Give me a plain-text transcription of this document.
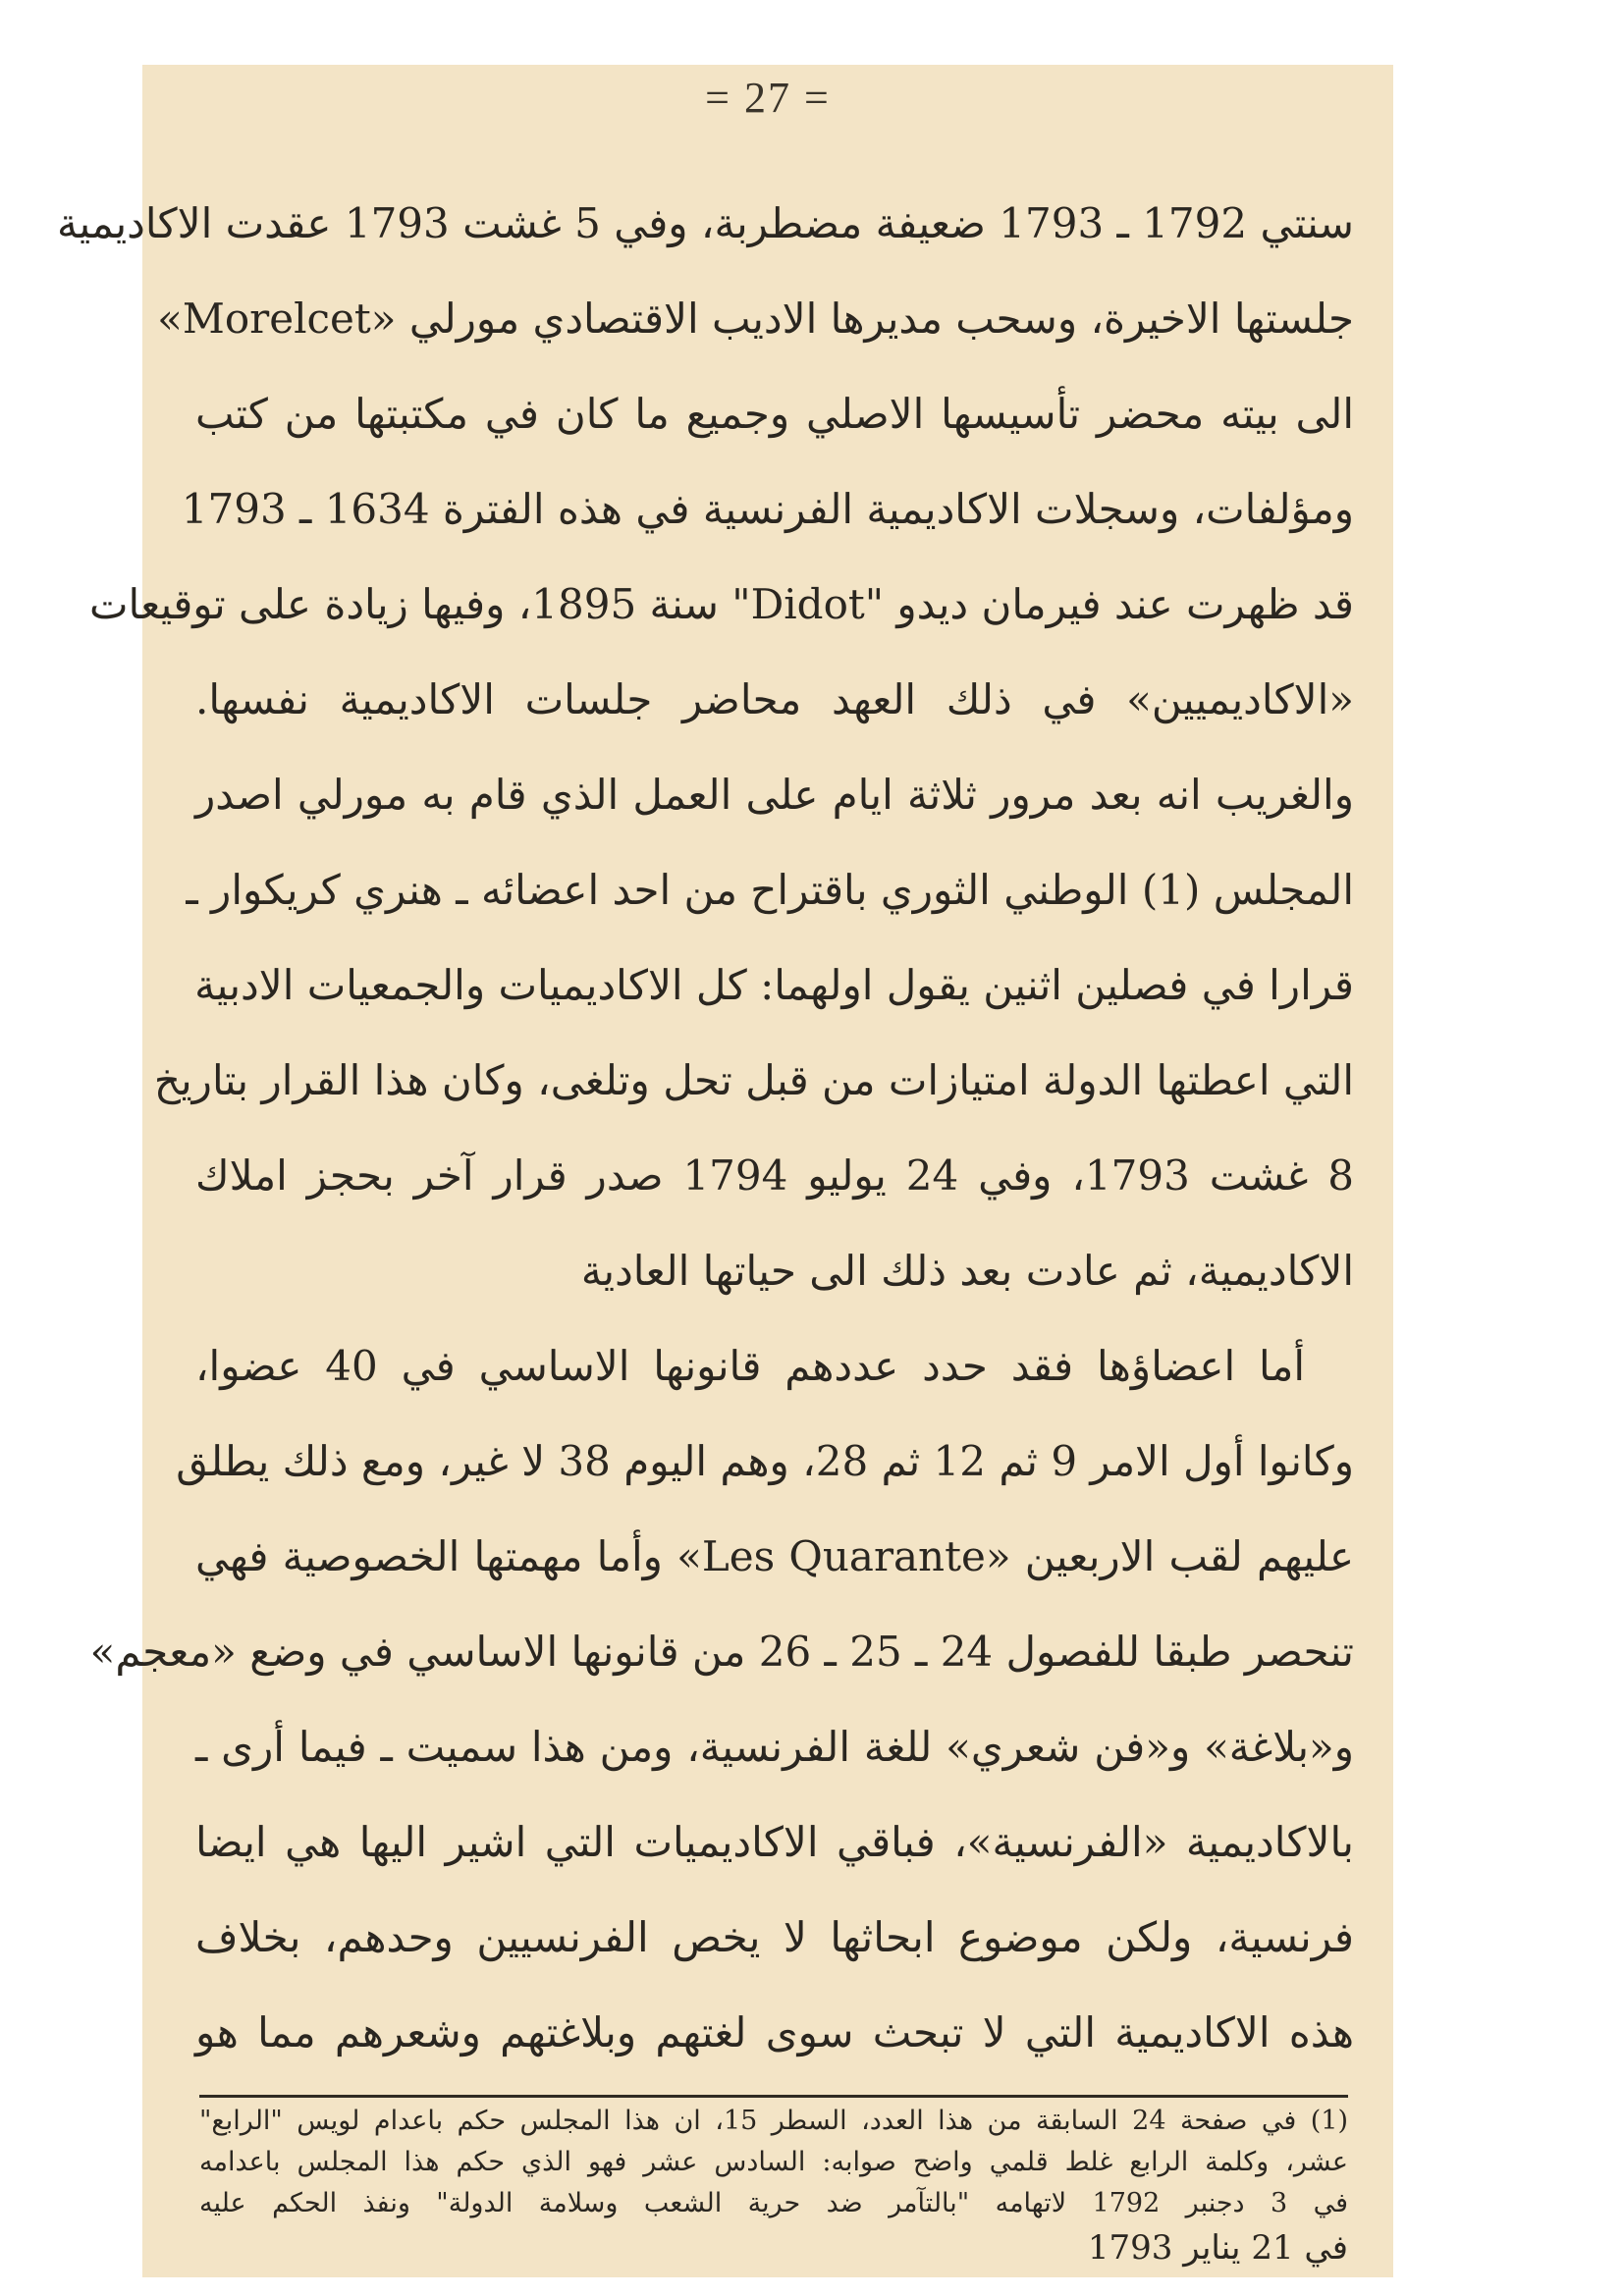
= 27 =
سنتي 1792 ـ 1793 ضعيفة مضطربة، وفي 5 غشت 1793 عقدت الاكاديمية
جلستها الاخيرة، وسحب مديرها الاديب الاقتصادي مورلي «Morelcet»
الى بيته محضر تأسيسها الاصلي وجميع ما كان في مكتبتها من كتب
ومؤلفات، وسجلات الاكاديمية الفرنسية في هذه الفترة 1634 ـ 1793
قد ظهرت عند فيرمان ديدو "Didot" سنة 1895، وفيها زيادة على توقيعات
«الاكاديميين» في ذلك العهد محاضر جلسات الاكاديمية نفسها.
والغريب انه بعد مرور ثلاثة ايام على العمل الذي قام به مورلي اصدر
المجلس (1) الوطني الثوري باقتراح من احد اعضائه ـ هنري كريكوار ـ
قرارا في فصلين اثنين يقول اولهما: كل الاكاديميات والجمعيات الادبية
التي اعطتها الدولة امتيازات من قبل تحل وتلغى، وكان هذا القرار بتاريخ
8 غشت 1793، وفي 24 يوليو 1794 صدر قرار آخر بحجز املاك
الاكاديمية، ثم عادت بعد ذلك الى حياتها العادية
أما اعضاؤها فقد حدد عددهم قانونها الاساسي في 40 عضوا،
وكانوا أول الامر 9 ثم 12 ثم 28، وهم اليوم 38 لا غير، ومع ذلك يطلق
عليهم لقب الاربعين «Les Quarante» وأما مهمتها الخصوصية فهي
تنحصر طبقا للفصول 24 ـ 25 ـ 26 من قانونها الاساسي في وضع «معجم»
و«بلاغة» و«فن شعري» للغة الفرنسية، ومن هذا سميت ـ فيما أرى ـ
بالاكاديمية «الفرنسية»، فباقي الاكاديميات التي اشير اليها هي ايضا
فرنسية، ولكن موضوع ابحاثها لا يخص الفرنسيين وحدهم، بخلاف
هذه الاكاديمية التي لا تبحث سوى لغتهم وبلاغتهم وشعرهم مما هو
(1) في صفحة 24 السابقة من هذا العدد، السطر 15، ان هذا المجلس حكم باعدام لويس "الرابع"
عشر، وكلمة الرابع غلط قلمي واضح صوابه: السادس عشر فهو الذي حكم هذا المجلس باعدامه
في 3 دجنبر 1792 لاتهامه "بالتآمر ضد حرية الشعب وسلامة الدولة" ونفذ الحكم عليه
في 21 يناير 1793
